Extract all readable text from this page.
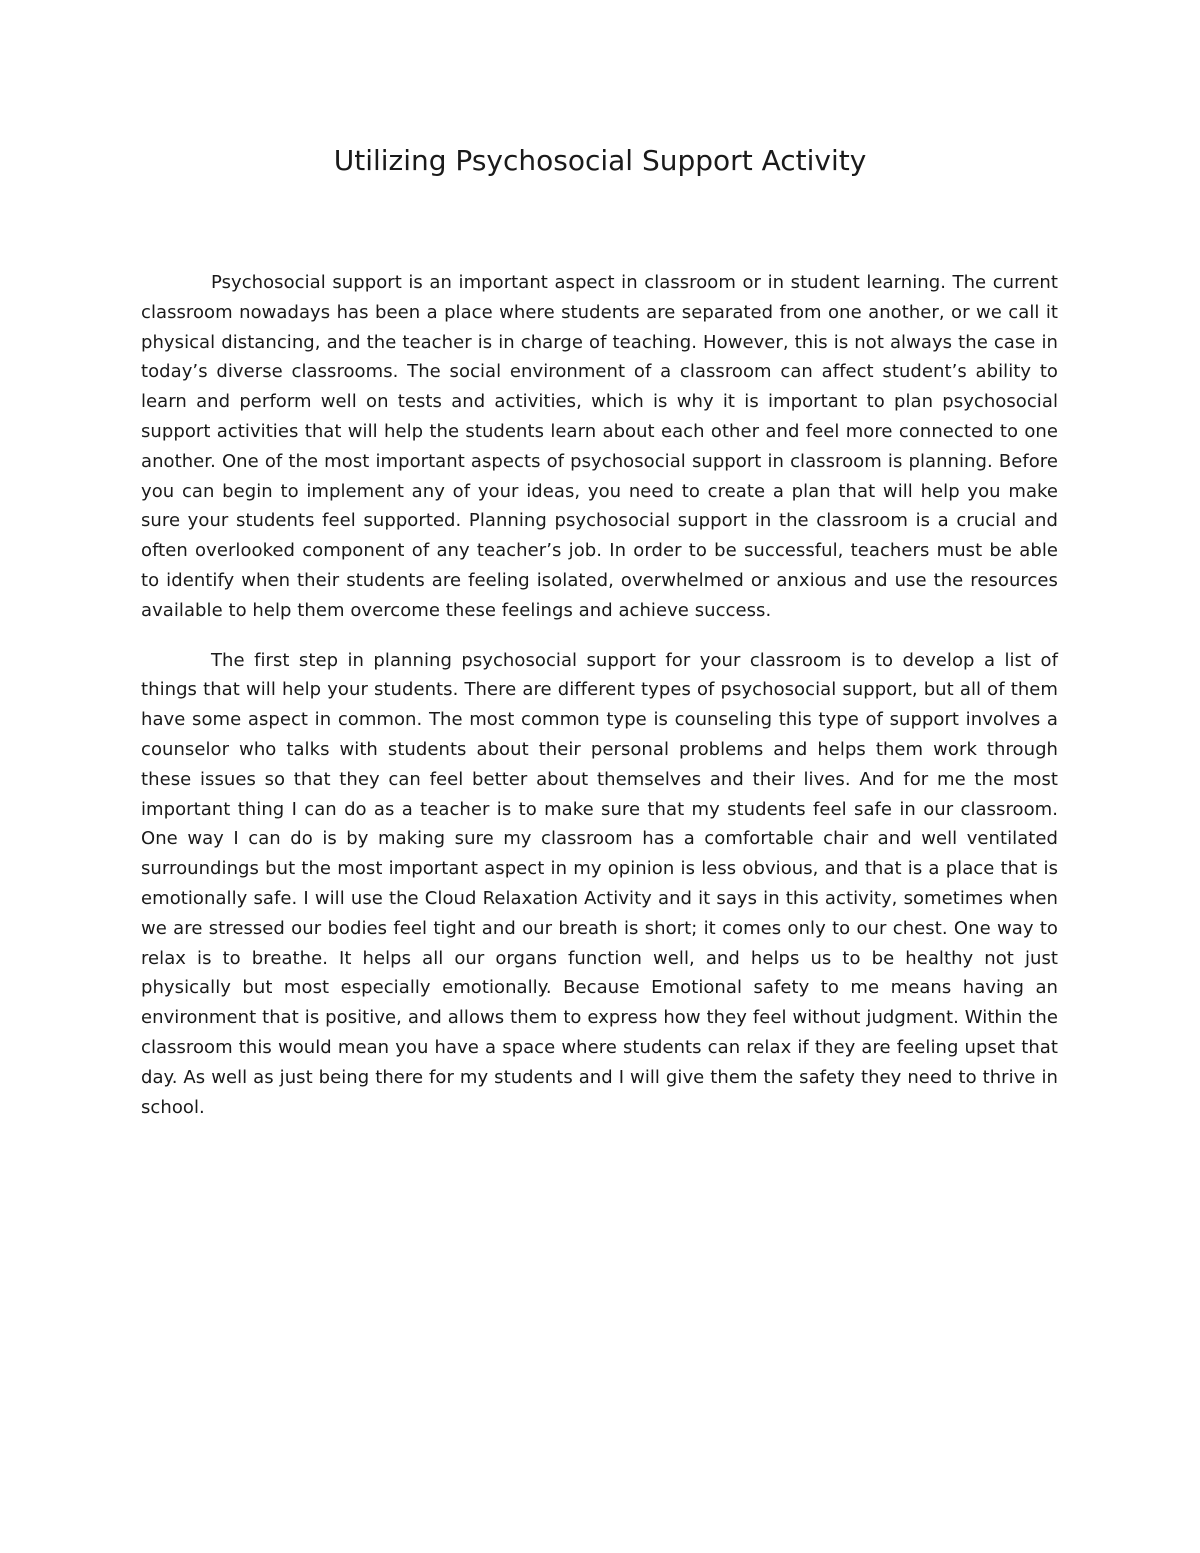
Utilizing Psychosocial Support Activity

Psychosocial support is an important aspect in classroom or in student learning. The current classroom nowadays has been a place where students are separated from one another, or we call it physical distancing, and the teacher is in charge of teaching. However, this is not always the case in today’s diverse classrooms. The social environment of a classroom can affect student’s ability to learn and perform well on tests and activities, which is why it is important to plan psychosocial support activities that will help the students learn about each other and feel more connected to one another. One of the most important aspects of psychosocial support in classroom is planning. Before you can begin to implement any of your ideas, you need to create a plan that will help you make sure your students feel supported. Planning psychosocial support in the classroom is a crucial and often overlooked component of any teacher’s job. In order to be successful, teachers must be able to identify when their students are feeling isolated, overwhelmed or anxious and use the resources available to help them overcome these feelings and achieve success.

The first step in planning psychosocial support for your classroom is to develop a list of things that will help your students. There are different types of psychosocial support, but all of them have some aspect in common. The most common type is counseling this type of support involves a counselor who talks with students about their personal problems and helps them work through these issues so that they can feel better about themselves and their lives. And for me the most important thing I can do as a teacher is to make sure that my students feel safe in our classroom. One way I can do is by making sure my classroom has a comfortable chair and well ventilated surroundings but the most important aspect in my opinion is less obvious, and that is a place that is emotionally safe. I will use the Cloud Relaxation Activity and it says in this activity, sometimes when we are stressed our bodies feel tight and our breath is short; it comes only to our chest. One way to relax is to breathe. It helps all our organs function well, and helps us to be healthy not just physically but most especially emotionally. Because Emotional safety to me means having an environment that is positive, and allows them to express how they feel without judgment. Within the classroom this would mean you have a space where students can relax if they are feeling upset that day. As well as just being there for my students and I will give them the safety they need to thrive in school.
